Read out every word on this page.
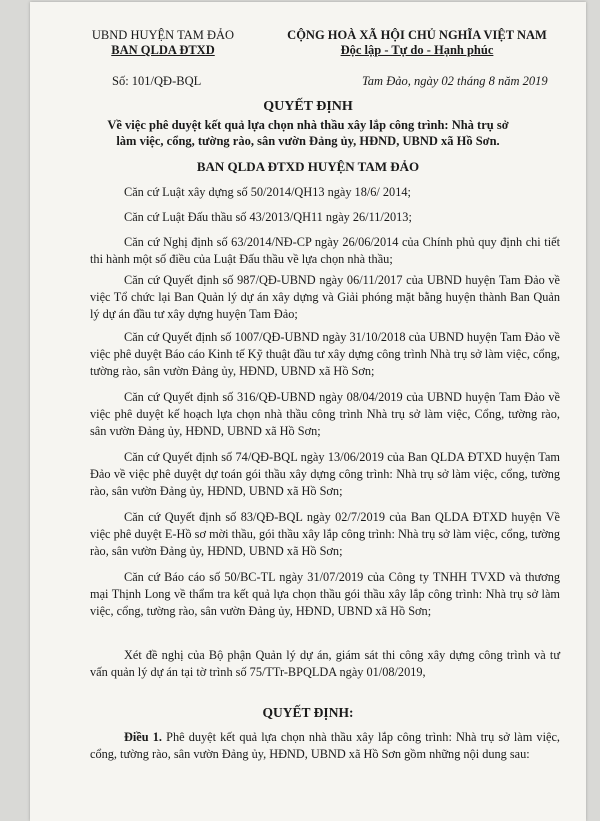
UBND HUYỆN TAM ĐẢO
BAN QLDA ĐTXD
CỘNG HOÀ XÃ HỘI CHỦ NGHĨA VIỆT NAM
Độc lập - Tự do - Hạnh phúc
Số: 101/QĐ-BQL	Tam Đảo, ngày 02 tháng 8 năm 2019
QUYẾT ĐỊNH
Về việc phê duyệt kết quả lựa chọn nhà thầu xây lắp công trình: Nhà trụ sở
làm việc, cổng, tường rào, sân vườn Đảng ủy, HĐND, UBND xã Hồ Sơn.
BAN QLDA ĐTXD HUYỆN TAM ĐẢO
Căn cứ Luật xây dựng số 50/2014/QH13 ngày 18/6/ 2014;
Căn cứ Luật Đấu thầu số 43/2013/QH11 ngày 26/11/2013;
Căn cứ Nghị định số 63/2014/NĐ-CP ngày 26/06/2014 của Chính phủ quy định chi tiết thi hành một số điều của Luật Đấu thầu về lựa chọn nhà thầu;
Căn cứ Quyết định số 987/QĐ-UBND ngày 06/11/2017 của UBND huyện Tam Đảo về việc Tổ chức lại Ban Quản lý dự án xây dựng và Giải phóng mặt bằng huyện thành Ban Quản lý dự án đầu tư xây dựng huyện Tam Đảo;
Căn cứ Quyết định số 1007/QĐ-UBND ngày 31/10/2018 của UBND huyện Tam Đảo về việc phê duyệt Báo cáo Kinh tế Kỹ thuật đầu tư xây dựng công trình Nhà trụ sở làm việc, cổng, tường rào, sân vườn Đảng ủy, HĐND, UBND xã Hồ Sơn;
Căn cứ Quyết định số 316/QĐ-UBND ngày 08/04/2019 của UBND huyện Tam Đảo về việc phê duyệt kế hoạch lựa chọn nhà thầu công trình Nhà trụ sở làm việc, Cổng, tường rào, sân vườn Đảng ủy, HĐND, UBND xã Hồ Sơn;
Căn cứ Quyết định số 74/QĐ-BQL ngày 13/06/2019 của Ban QLDA ĐTXD huyện Tam Đảo về việc phê duyệt dự toán gói thầu xây dựng công trình: Nhà trụ sở làm việc, cổng, tường rào, sân vườn Đảng ủy, HĐND, UBND xã Hồ Sơn;
Căn cứ Quyết định số 83/QĐ-BQL ngày 02/7/2019 của Ban QLDA ĐTXD huyện Về việc phê duyệt E-Hồ sơ mời thầu, gói thầu xây lắp công trình: Nhà trụ sở làm việc, cổng, tường rào, sân vườn Đảng ủy, HĐND, UBND xã Hồ Sơn;
Căn cứ Báo cáo số 50/BC-TL ngày 31/07/2019 của Công ty TNHH TVXD và thương mại Thịnh Long về thẩm tra kết quả lựa chọn thầu gói thầu xây lắp công trình: Nhà trụ sở làm việc, cổng, tường rào, sân vườn Đảng ủy, HĐND, UBND xã Hồ Sơn;
Xét đề nghị của Bộ phận Quản lý dự án, giám sát thi công xây dựng công trình và tư vấn quản lý dự án tại tờ trình số 75/TTr-BPQLDA ngày 01/08/2019,
QUYẾT ĐỊNH:
Điều 1. Phê duyệt kết quả lựa chọn nhà thầu xây lắp công trình: Nhà trụ sở làm việc, cổng, tường rào, sân vườn Đảng ủy, HĐND, UBND xã Hồ Sơn gồm những nội dung sau:
